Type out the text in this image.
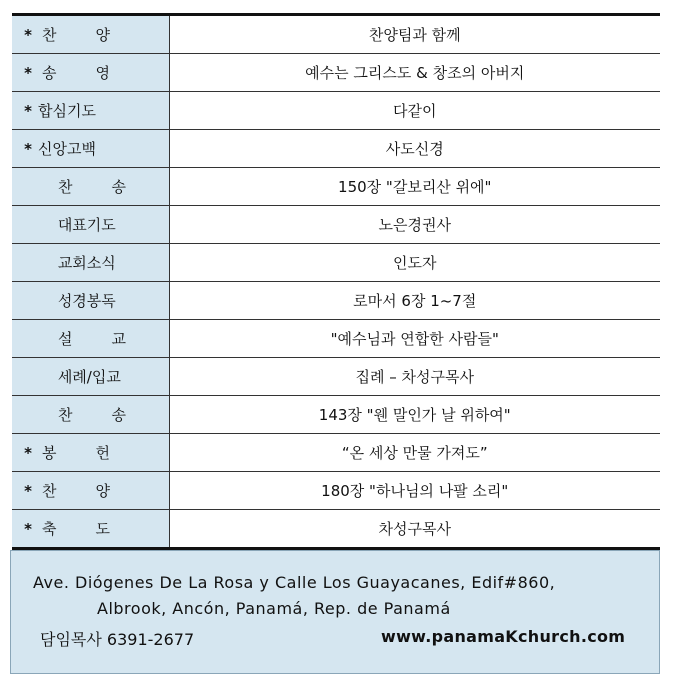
* 찬 양	찬양팀과 함께

* 송 영	예수는 그리스도 & 창조의 아버지

* 합심기도	다같이

* 신앙고백	사도신경

찬 송	150장 "갈보리산 위에"

대표기도	노은경권사

교회소식	인도자

성경봉독	로마서 6장 1~7절

설 교	"예수님과 연합한 사람들"

세례/입교	집례 – 차성구목사

찬 송	143장 "웬 말인가 날 위하여"

* 봉 헌	“온 세상 만물 가져도”

* 찬 양	180장 "하나님의 나팔 소리"

* 축 도	차성구목사
Ave. Diógenes De La Rosa y Calle Los Guayacanes, Edif#860,
Albrook, Ancón, Panamá, Rep. de Panamá
담임목사 6391-2677	www.panamaKchurch.com
